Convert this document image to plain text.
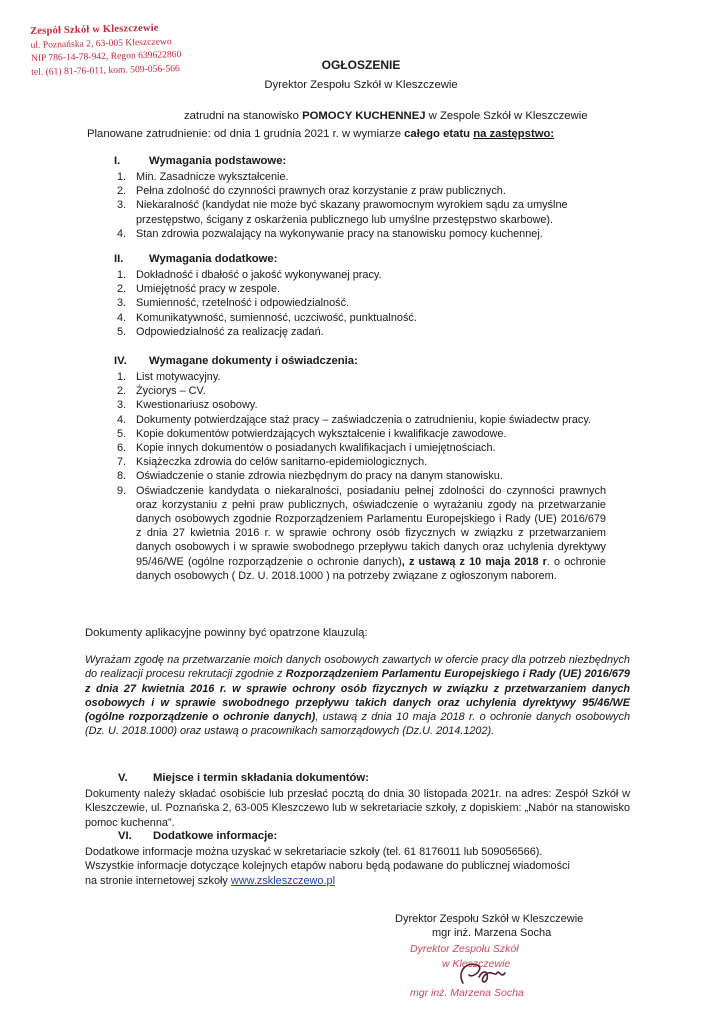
Zespół Szkół w Kleszczewie
ul. Poznańska 2, 63-005 Kleszczewo
NIP 786-14-78-942, Regon 639622860
tel. (61) 81-76-011, kom. 509-056-566	OGŁOSZENIE
Dyrektor Zespołu Szkół w Kleszczewie
zatrudni na stanowisko POMOCY KUCHENNEJ w Zespole Szkół w Kleszczewie
Planowane zatrudnienie: od dnia 1 grudnia 2021 r. w wymiarze całego etatu na zastępstwo:
I.	Wymagania podstawowe:
1. Min. Zasadnicze wykształcenie.
2. Pełna zdolność do czynności prawnych oraz korzystanie z praw publicznych.
3. Niekaralność (kandydat nie może być skazany prawomocnym wyrokiem sądu za umyślne przestępstwo, ścigany z oskarżenia publicznego lub umyślne przestępstwo skarbowe).
4. Stan zdrowia pozwalający na wykonywanie pracy na stanowisku pomocy kuchennej.
II. Wymagania dodatkowe:
1. Dokładność i dbałość o jakość wykonywanej pracy.
2. Umiejętność pracy w zespole.
3. Sumienność, rzetelność i odpowiedzialność.
4. Komunikatywność, sumienność, uczciwość, punktualność.
5. Odpowiedzialność za realizację zadań.
IV. Wymagane dokumenty i oświadczenia:
1. List motywacyjny.
2. Życiorys – CV.
3. Kwestionariusz osobowy.
4. Dokumenty potwierdzające staż pracy – zaświadczenia o zatrudnieniu, kopie świadectw pracy.
5. Kopie dokumentów potwierdzających wykształcenie i kwalifikacje zawodowe.
6. Kopie innych dokumentów o posiadanych kwalifikacjach i umiejętnościach.
7. Książeczka zdrowia do celów sanitarno-epidemiologicznych.
8. Oświadczenie o stanie zdrowia niezbędnym do pracy na danym stanowisku.
9. Oświadczenie kandydata o niekaralności, posiadaniu pełnej zdolności do czynności prawnych oraz korzystaniu z pełni praw publicznych, oświadczenie o wyrażaniu zgody na przetwarzanie danych osobowych zgodnie Rozporządzeniem Parlamentu Europejskiego i Rady (UE) 2016/679 z dnia 27 kwietnia 2016 r. w sprawie ochrony osób fizycznych w związku z przetwarzaniem danych osobowych i w sprawie swobodnego przepływu takich danych oraz uchylenia dyrektywy 95/46/WE (ogólne rozporządzenie o ochronie danych), z ustawą z 10 maja 2018 r. o ochronie danych osobowych ( Dz. U. 2018.1000 ) na potrzeby związane z ogłoszonym naborem.
Dokumenty aplikacyjne powinny być opatrzone klauzulą:
Wyrażam zgodę na przetwarzanie moich danych osobowych zawartych w ofercie pracy dla potrzeb niezbędnych do realizacji procesu rekrutacji zgodnie z Rozporządzeniem Parlamentu Europejskiego i Rady (UE) 2016/679 z dnia 27 kwietnia 2016 r. w sprawie ochrony osób fizycznych w związku z przetwarzaniem danych osobowych i w sprawie swobodnego przepływu takich danych oraz uchylenia dyrektywy 95/46/WE (ogólne rozporządzenie o ochronie danych), ustawą z dnia 10 maja 2018 r. o ochronie danych osobowych (Dz. U. 2018.1000) oraz ustawą o pracownikach samorządowych (Dz.U. 2014.1202).
V. Miejsce i termin składania dokumentów:
Dokumenty należy składać osobiście lub przesłać pocztą do dnia 30 listopada 2021r. na adres: Zespół Szkół w Kleszczewie, ul. Poznańska 2, 63-005 Kleszczewo lub w sekretariacie szkoły, z dopiskiem: „Nabór na stanowisko pomoc kuchenna”.
VI. Dodatkowe informacje:
Dodatkowe informacje można uzyskać w sekretariacie szkoły (tel. 61 8176011 lub 509056566).
Wszystkie informacje dotyczące kolejnych etapów naboru będą podawane do publicznej wiadomości
na stronie internetowej szkoły www.zskleszczewo.pl
Dyrektor Zespołu Szkół w Kleszczewie
mgr inż. Marzena Socha
Dyrektor Zespołu Szkół
w Kleszczewie
mgr inż. Marzena Socha
